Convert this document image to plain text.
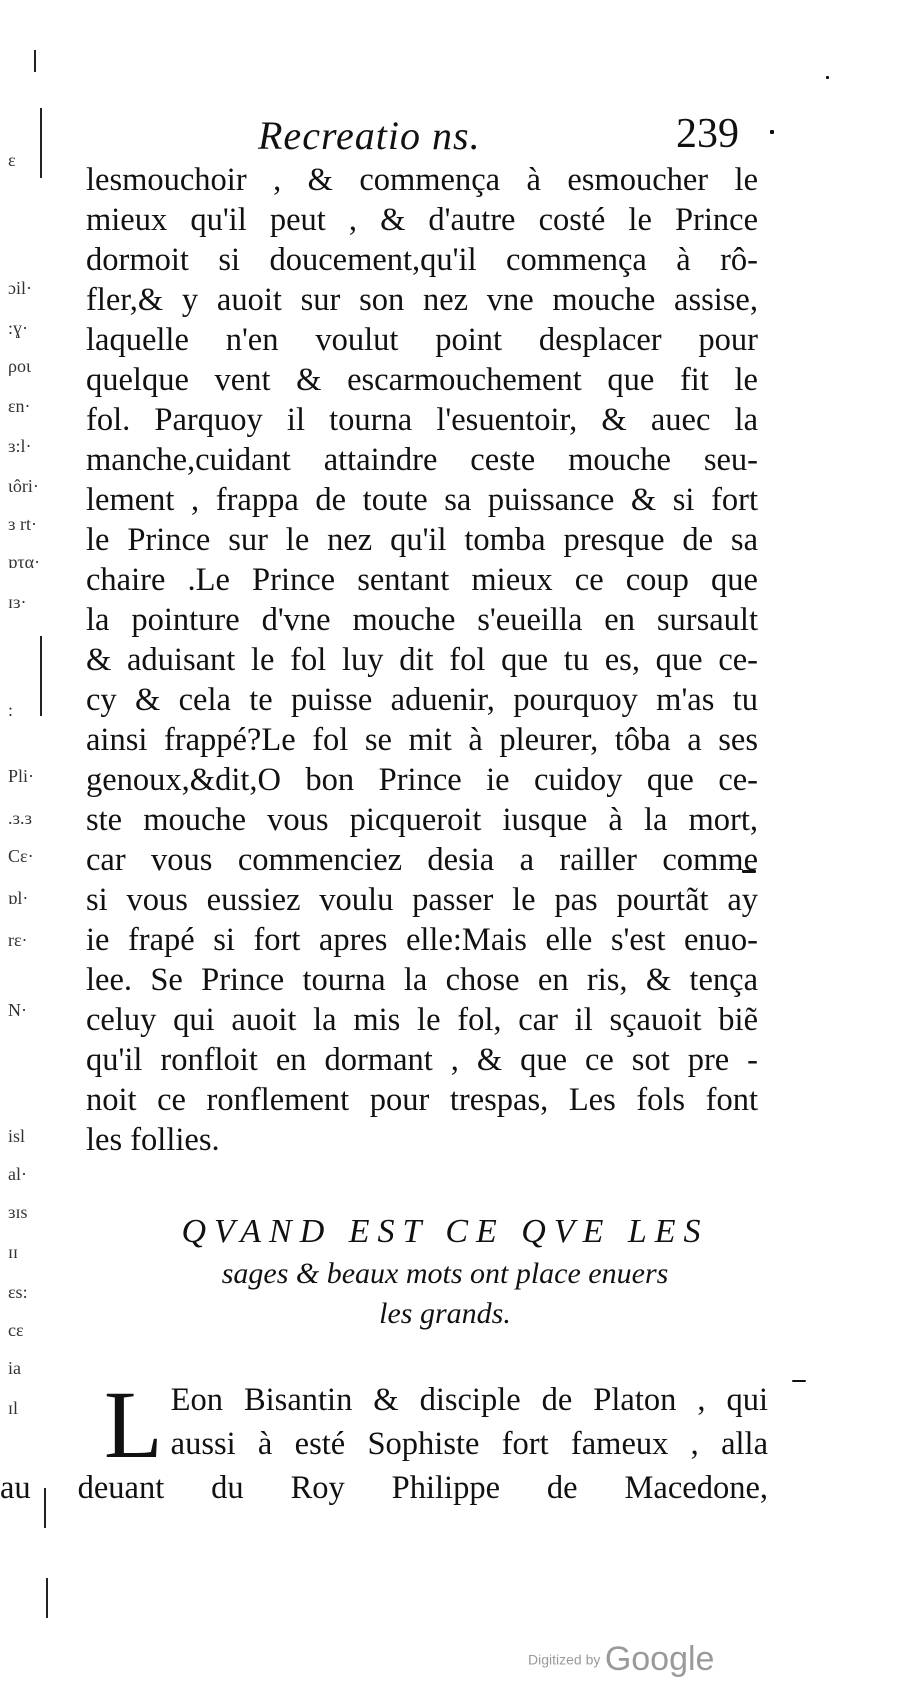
ɛ
ɔil·
:ɣ·
ροι
ɛn·
ɜ:l·
ιôri·
ɜ rt·
ɒτα·
ɪɜ·
:
Pli·
.ɜ.ɜ
Cɛ·
ɒl·
rɛ·
N·
isl
al·
ɜɪs
ɪɪ
ɛs:
cɛ
ia
ɪl
Recreatio ns.	239
lesmouchoir , & commença à esmoucher le
mieux qu'il peut , & d'autre costé le Prince
dormoit si doucement,qu'il commença à rô-
fler,& y auoit sur son nez vne mouche assise,
laquelle n'en voulut point desplacer pour
quelque vent & escarmouchement que fit le
fol. Parquoy il tourna l'esuentoir, & auec la
manche,cuidant attaindre ceste mouche seu-
lement , frappa de toute sa puissance & si fort
le Prince sur le nez qu'il tomba presque de sa
chaire .Le Prince sentant mieux ce coup que
la pointure d'vne mouche s'eueilla en sursault
& aduisant le fol luy dit fol que tu es, que ce-
cy & cela te puisse aduenir, pourquoy m'as tu
ainsi frappé?Le fol se mit à pleurer, tôba a ses
genoux,&dit,O bon Prince ie cuidoy que ce-
ste mouche vous picqueroit iusque à la mort,
car vous commenciez desia a railler comme
si vous eussiez voulu passer le pas pourtãt ay
ie frapé si fort apres elle:Mais elle s'est enuo-
lee. Se Prince tourna la chose en ris, & tença
celuy qui auoit la mis le fol, car il sçauoit biẽ
qu'il ronfloit en dormant , & que ce sot pre -
noit ce ronflement pour trespas, Les fols font
les follies.
QVAND EST CE QVE LES
sages & beaux mots ont place enuers
les grands.
L Eon Bisantin & disciple de Platon , qui
aussi à esté Sophiste fort fameux , alla
au deuant du Roy Philippe de Macedone,
Digitized by Google
